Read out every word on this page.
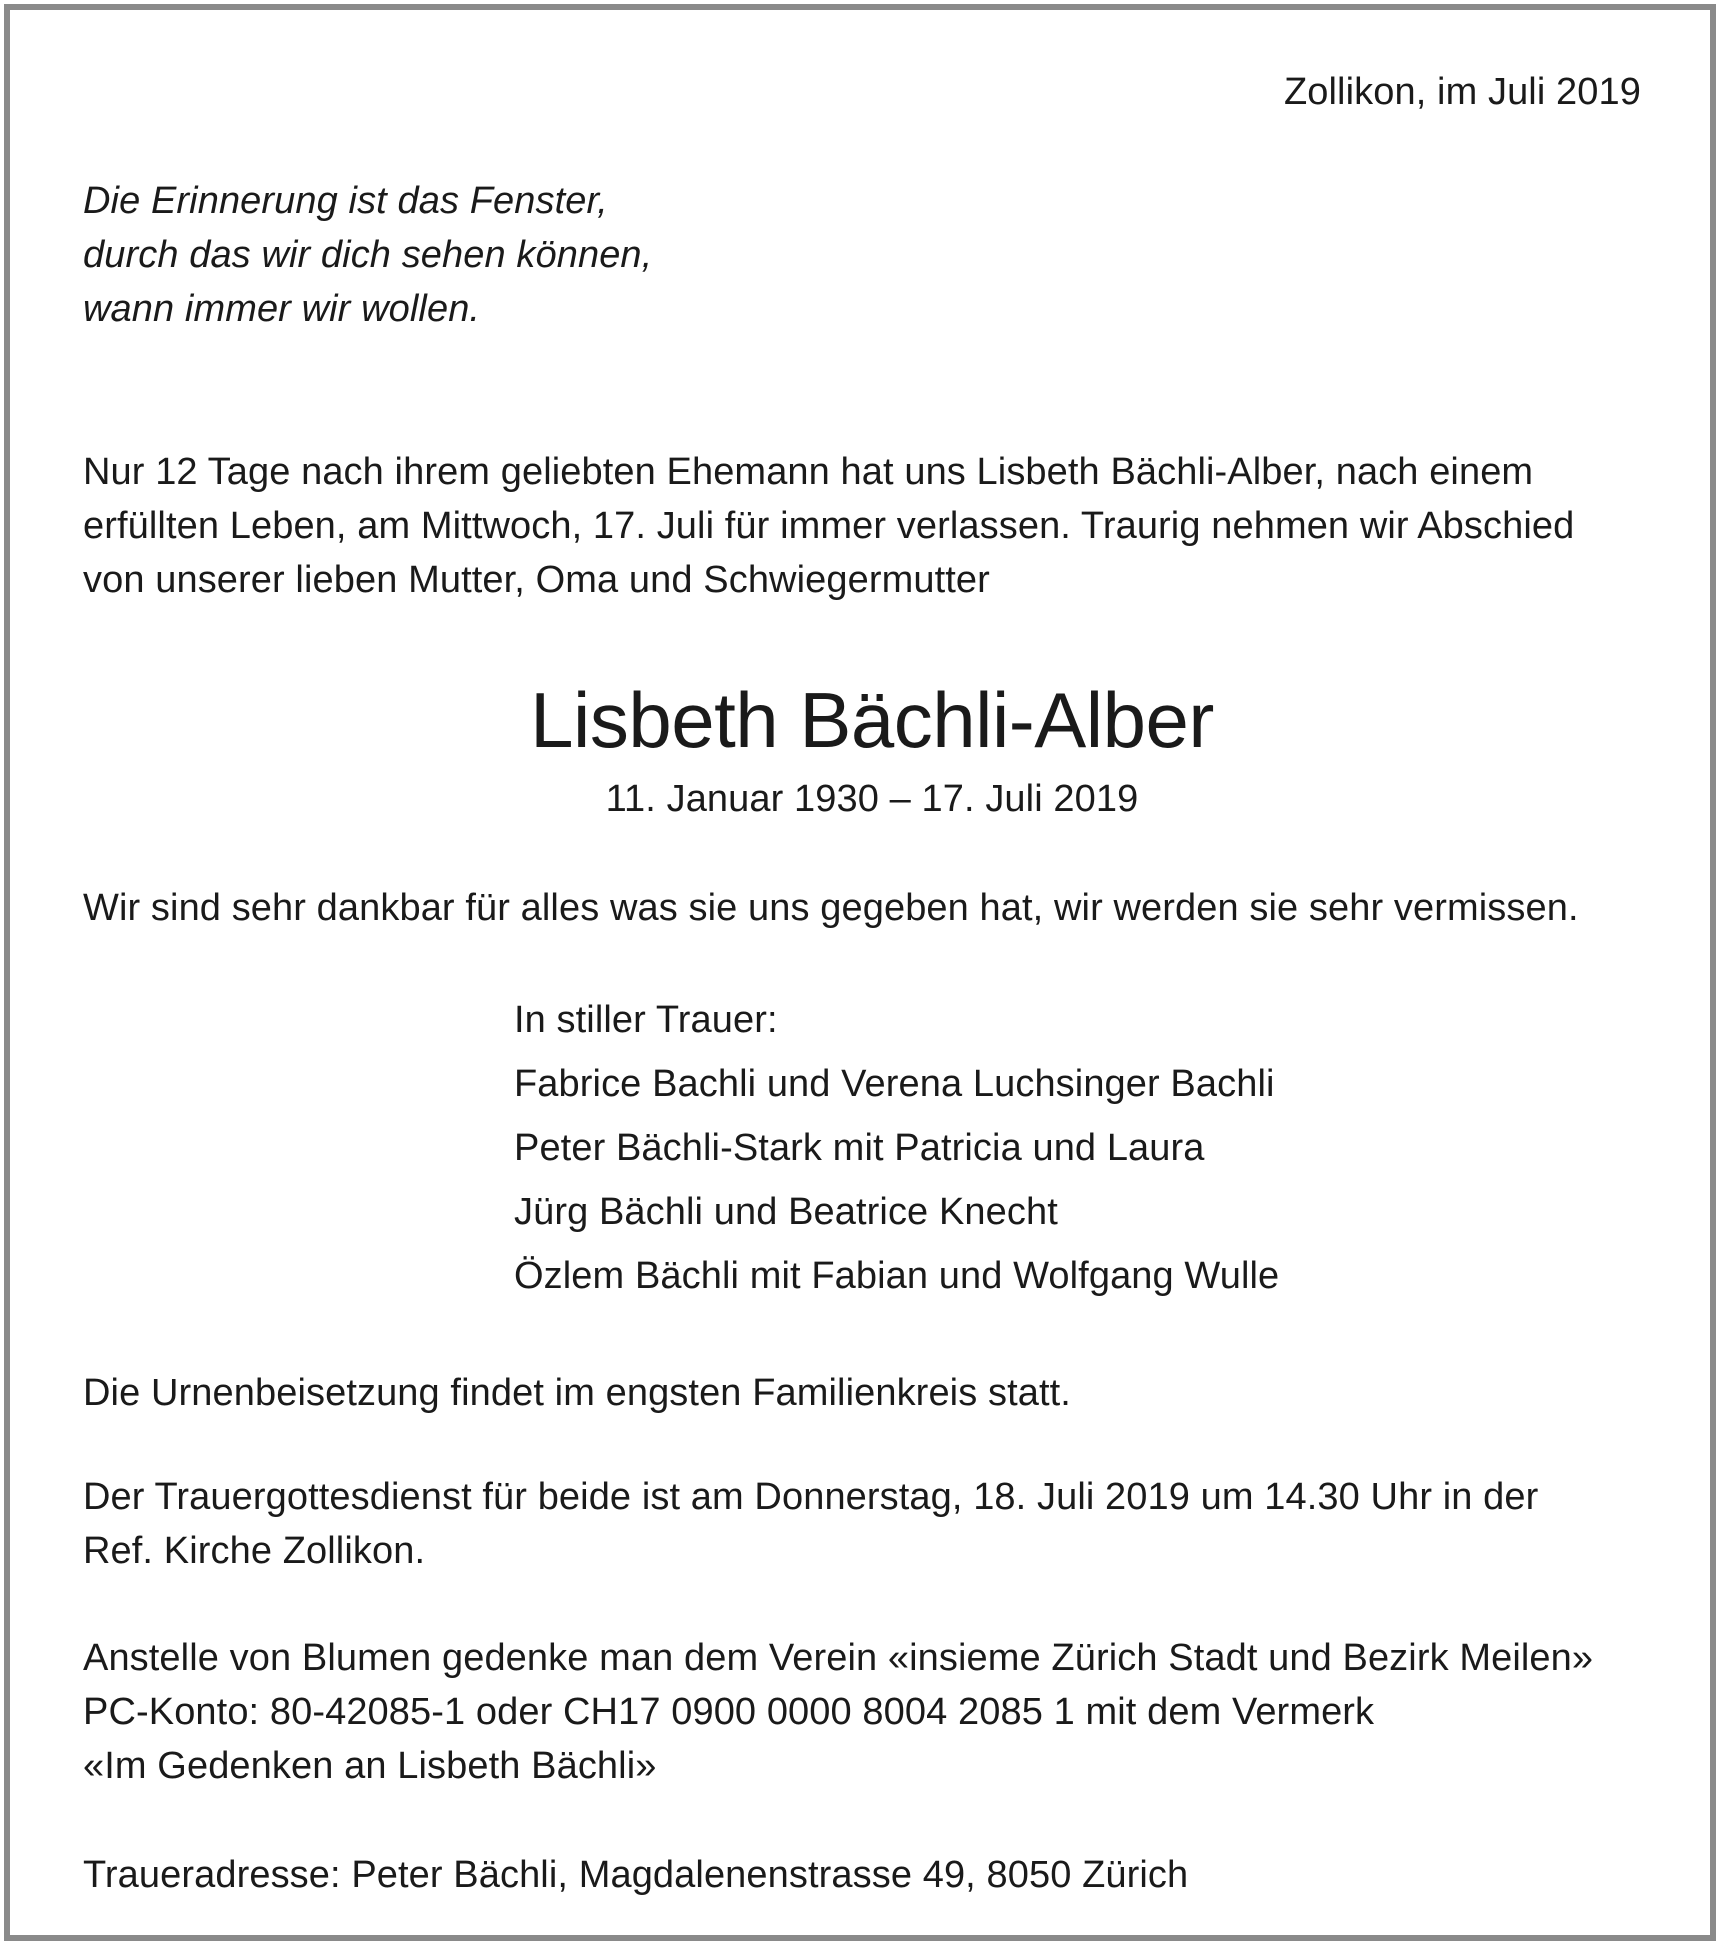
Zollikon, im Juli 2019

Die Erinnerung ist das Fenster,
durch das wir dich sehen können,
wann immer wir wollen.
Nur 12 Tage nach ihrem geliebten Ehemann hat uns Lisbeth Bächli-Alber, nach einem
erfüllten Leben, am Mittwoch, 17. Juli für immer verlassen. Traurig nehmen wir Abschied
von unserer lieben Mutter, Oma und Schwiegermutter
Lisbeth Bächli-Alber

11. Januar 1930 – 17. Juli 2019

Wir sind sehr dankbar für alles was sie uns gegeben hat, wir werden sie sehr vermissen.

In stiller Trauer:
Fabrice Bachli und Verena Luchsinger Bachli
Peter Bächli-Stark mit Patricia und Laura
Jürg Bächli und Beatrice Knecht
Özlem Bächli mit Fabian und Wolfgang Wulle

Die Urnenbeisetzung findet im engsten Familienkreis statt.

Der Trauergottesdienst für beide ist am Donnerstag, 18. Juli 2019 um 14.30 Uhr in der
Ref. Kirche Zollikon.
Anstelle von Blumen gedenke man dem Verein «insieme Zürich Stadt und Bezirk Meilen»
PC-Konto: 80-42085-1 oder CH17 0900 0000 8004 2085 1 mit dem Vermerk
«Im Gedenken an Lisbeth Bächli»

Traueradresse: Peter Bächli, Magdalenenstrasse 49, 8050 Zürich
